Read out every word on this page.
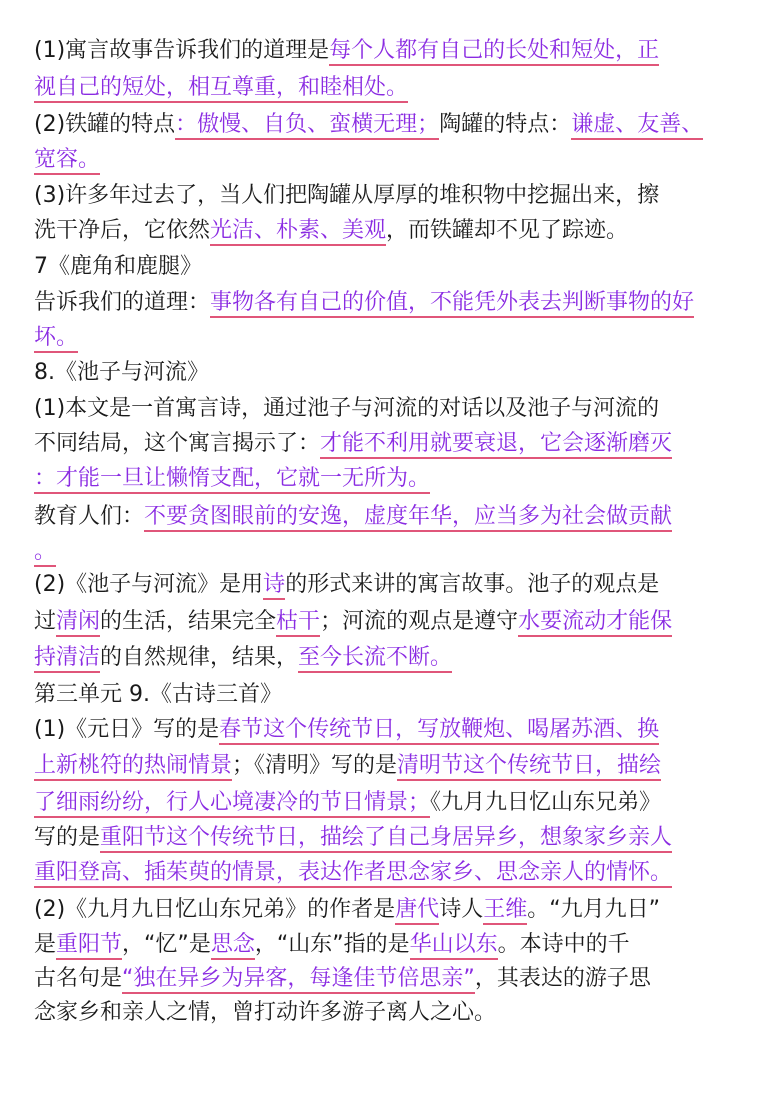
(1)寓言故事告诉我们的道理是每个人都有自己的长处和短处，正
视自己的短处，相互尊重，和睦相处。
(2)铁罐的特点：傲慢、自负、蛮横无理；陶罐的特点：谦虚、友善、
宽容。
(3)许多年过去了，当人们把陶罐从厚厚的堆积物中挖掘出来，擦
洗干净后，它依然光洁、朴素、美观，而铁罐却不见了踪迹。
7《鹿角和鹿腿》
告诉我们的道理：事物各有自己的价值，不能凭外表去判断事物的好
坏。
8.《池子与河流》
(1)本文是一首寓言诗，通过池子与河流的对话以及池子与河流的
不同结局，这个寓言揭示了：才能不利用就要衰退，它会逐渐磨灭
：才能一旦让懒惰支配，它就一无所为。
教育人们：不要贪图眼前的安逸，虚度年华，应当多为社会做贡献
。
(2)《池子与河流》是用诗的形式来讲的寓言故事。池子的观点是
过清闲的生活，结果完全枯干；河流的观点是遵守水要流动才能保
持清洁的自然规律，结果，至今长流不断。
第三单元 9.《古诗三首》
(1)《元日》写的是春节这个传统节日，写放鞭炮、喝屠苏酒、换
上新桃符的热闹情景；《清明》写的是清明节这个传统节日，描绘
了细雨纷纷，行人心境凄冷的节日情景；《九月九日忆山东兄弟》
写的是重阳节这个传统节日，描绘了自己身居异乡，想象家乡亲人
重阳登高、插茱萸的情景，表达作者思念家乡、思念亲人的情怀。
(2)《九月九日忆山东兄弟》的作者是唐代诗人王维。“九月九日”
是重阳节，“忆”是思念，“山东”指的是华山以东。本诗中的千
古名句是“独在异乡为异客，每逢佳节倍思亲”，其表达的游子思
念家乡和亲人之情，曾打动许多游子离人之心。
